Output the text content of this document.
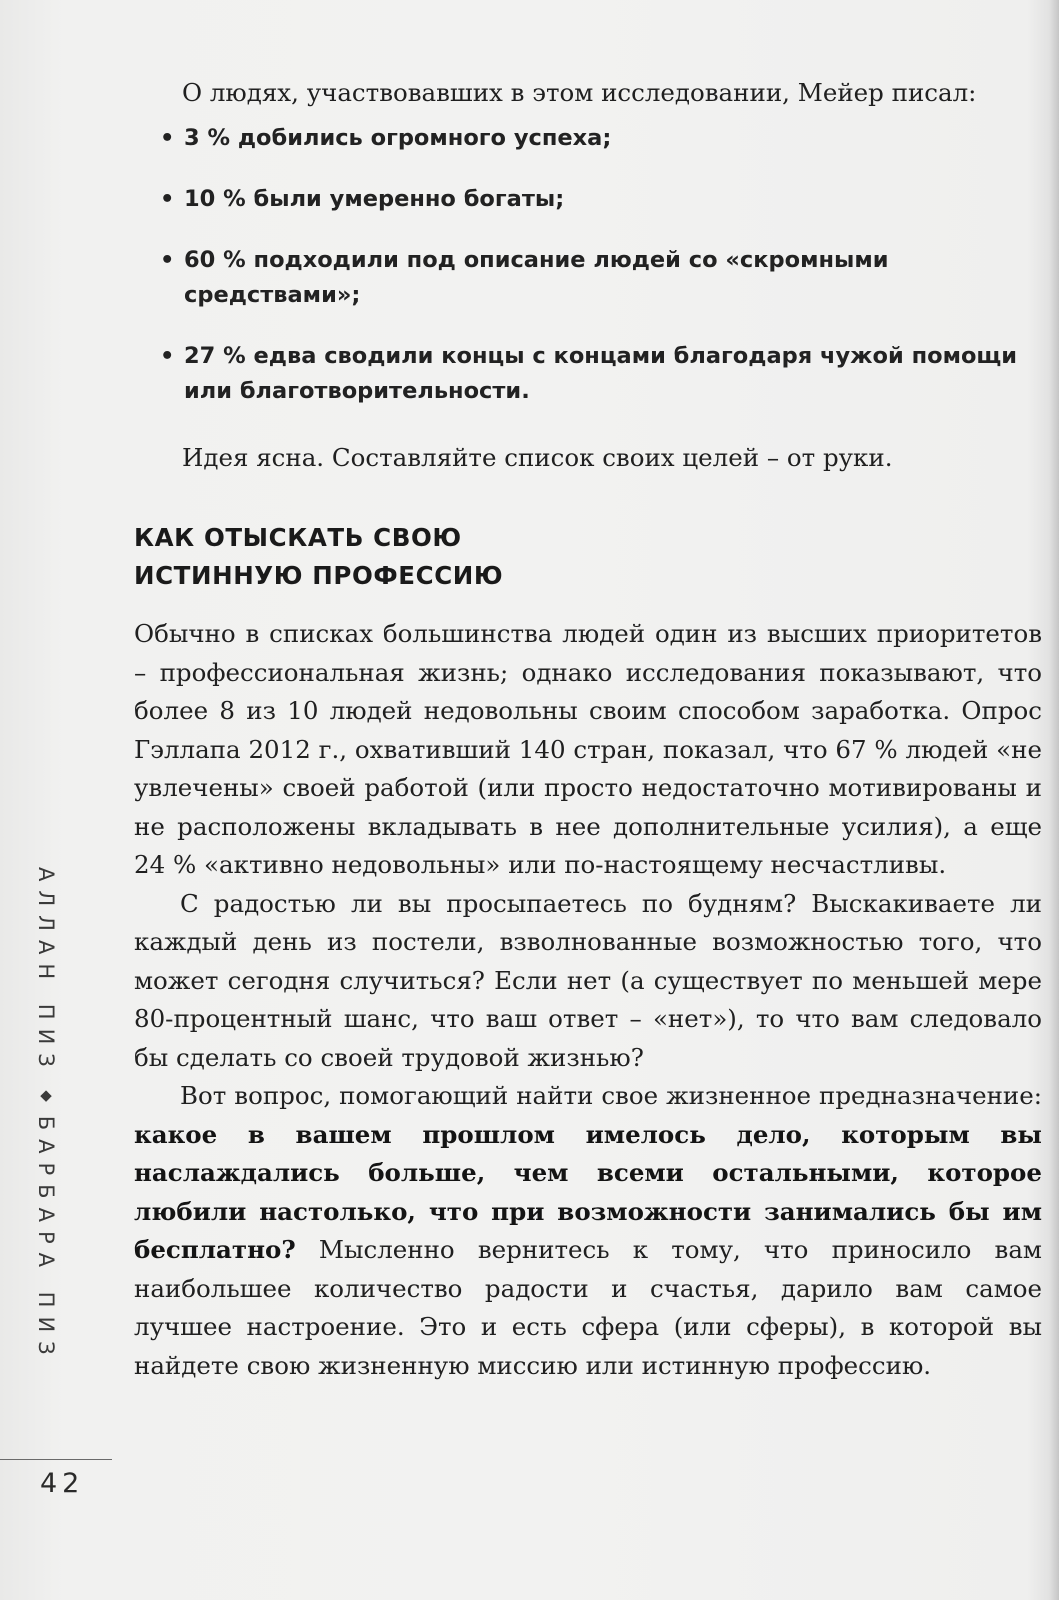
О людях, участвовавших в этом исследовании, Мейер писал:

• 3 % добились огромного успеха;
• 10 % были умеренно богаты;
• 60 % подходили под описание людей со «скромными средствами»;
• 27 % едва сводили концы с концами благодаря чужой помощи или благотворительности.

Идея ясна. Составляйте список своих целей – от руки.

КАК ОТЫСКАТЬ СВОЮ
ИСТИННУЮ ПРОФЕССИЮ

Обычно в списках большинства людей один из высших приоритетов – профессиональная жизнь; однако исследования показывают, что более 8 из 10 людей недовольны своим способом заработка. Опрос Гэллапа 2012 г., охвативший 140 стран, показал, что 67 % людей «не увлечены» своей работой (или просто недостаточно мотивированы и не расположены вкладывать в нее дополнительные усилия), а еще 24 % «активно недовольны» или по-настоящему несчастливы.

С радостью ли вы просыпаетесь по будням? Выскакиваете ли каждый день из постели, взволнованные возможностью того, что может сегодня случиться? Если нет (а существует по меньшей мере 80-процентный шанс, что ваш ответ – «нет»), то что вам следовало бы сделать со своей трудовой жизнью?

Вот вопрос, помогающий найти свое жизненное предназначение: какое в вашем прошлом имелось дело, которым вы наслаждались больше, чем всеми остальными, которое любили настолько, что при возможности занимались бы им бесплатно? Мысленно вернитесь к тому, что приносило вам наибольшее количество радости и счастья, дарило вам самое лучшее настроение. Это и есть сфера (или сферы), в которой вы найдете свою жизненную миссию или истинную профессию.

АЛЛАН ПИЗ◆БАРБАРА ПИЗ
42
